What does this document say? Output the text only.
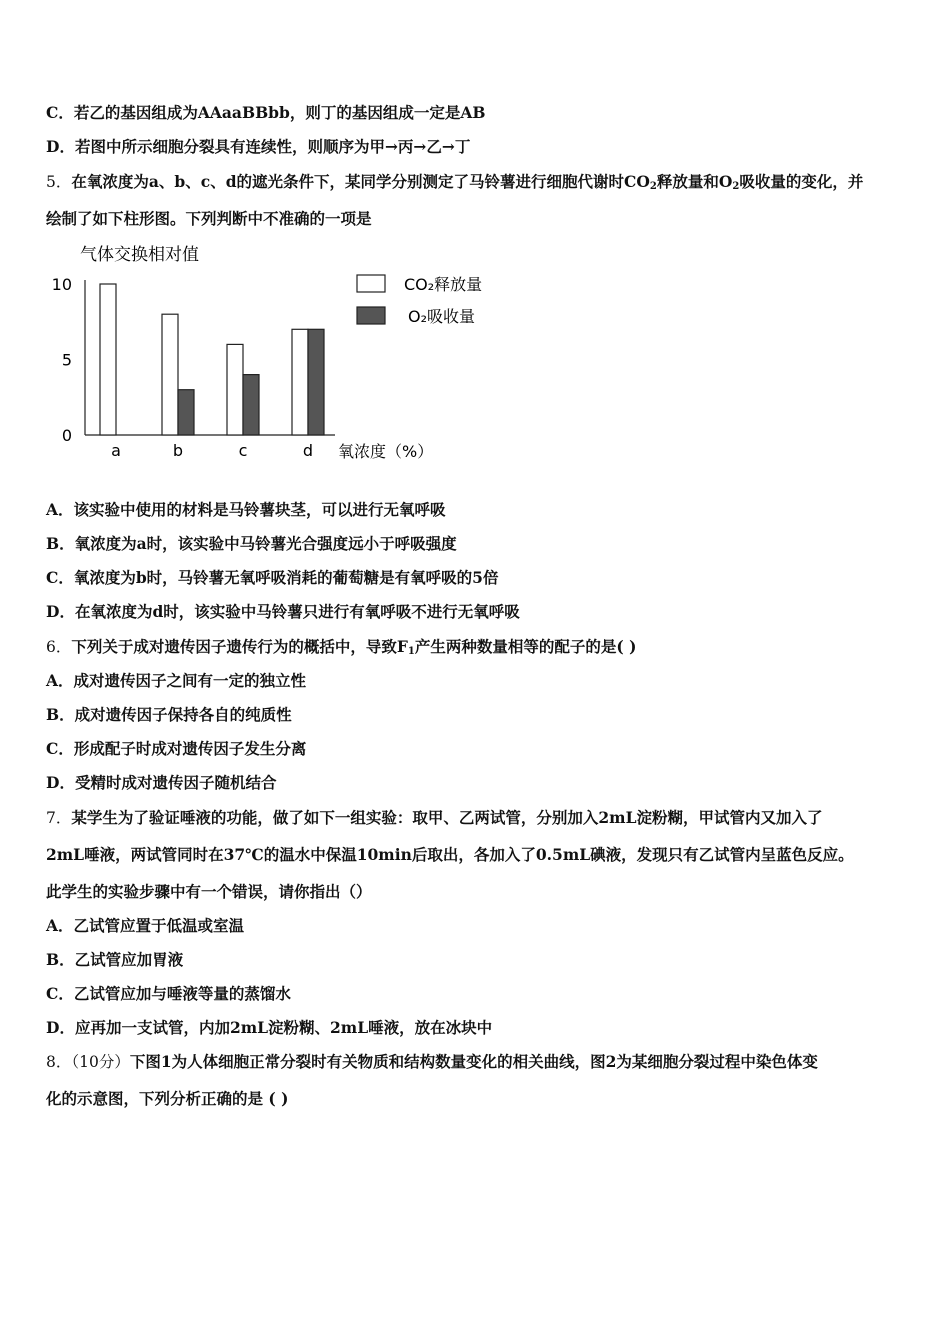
C．若乙的基因组成为AAaaBBbb，则丁的基因组成一定是AB
D．若图中所示细胞分裂具有连续性，则顺序为甲→丙→乙→丁
5．在氧浓度为a、b、c、d的遮光条件下，某同学分别测定了马铃薯进行细胞代谢时$CO_2$释放量和$O_2$吸收量的变化，并
绘制了如下柱形图。下列判断中不准确的一项是
气体交换相对值
0
5
10
a	b	c	d 氧浓度（%）
CO₂释放量
O₂吸收量
A．该实验中使用的材料是马铃薯块茎，可以进行无氧呼吸
B．氧浓度为a时，该实验中马铃薯光合强度远小于呼吸强度
C．氧浓度为b时，马铃薯无氧呼吸消耗的葡萄糖是有氧呼吸的5倍
D．在氧浓度为d时，该实验中马铃薯只进行有氧呼吸不进行无氧呼吸
6．下列关于成对遗传因子遗传行为的概括中，导致$F_1$产生两种数量相等的配子的是( )
A．成对遗传因子之间有一定的独立性
B．成对遗传因子保持各自的纯质性
C．形成配子时成对遗传因子发生分离
D．受精时成对遗传因子随机结合
7．某学生为了验证唾液的功能，做了如下一组实验：取甲、乙两试管，分别加入2mL淀粉糊，甲试管内又加入了
2mL唾液，两试管同时在37℃的温水中保温10min后取出，各加入了0.5mL碘液，发现只有乙试管内呈蓝色反应。
此学生的实验步骤中有一个错误，请你指出（）
A．乙试管应置于低温或室温
B．乙试管应加胃液
C．乙试管应加与唾液等量的蒸馏水
D．应再加一支试管，内加2mL淀粉糊、2mL唾液，放在冰块中
8．（10分）下图1为人体细胞正常分裂时有关物质和结构数量变化的相关曲线，图2为某细胞分裂过程中染色体变
化的示意图，下列分析正确的是 ( )
